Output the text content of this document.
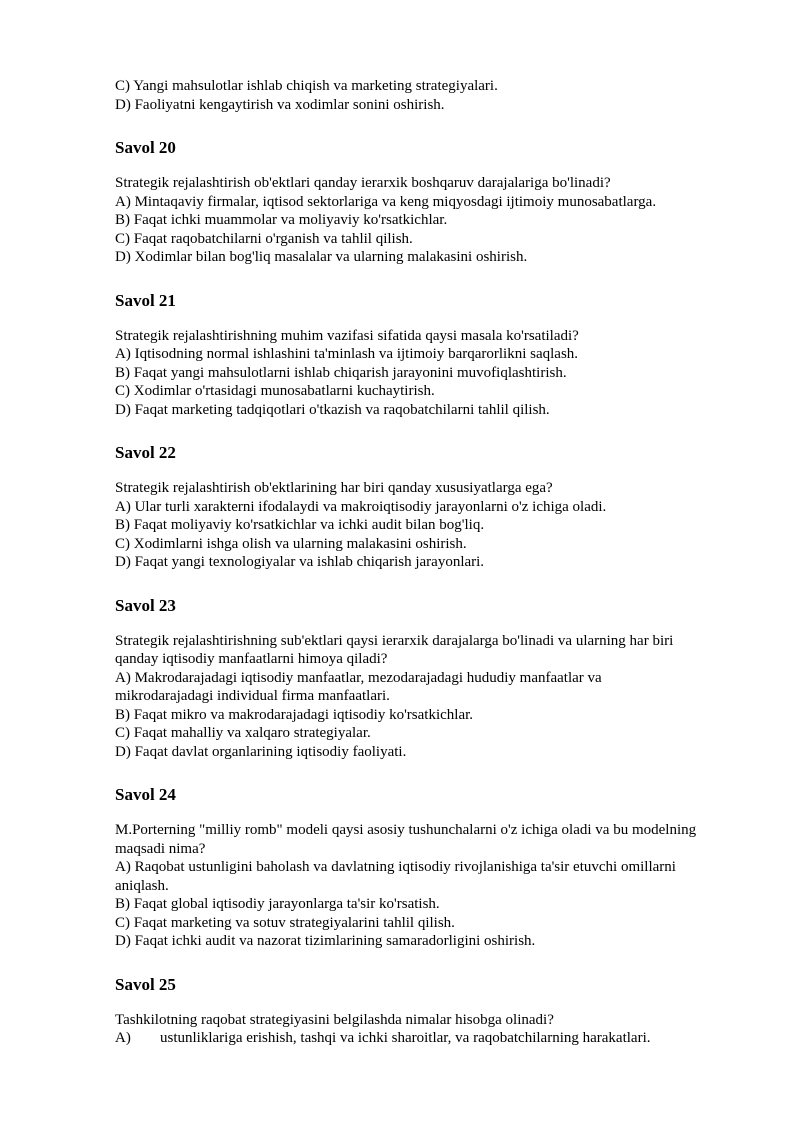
C) Yangi mahsulotlar ishlab chiqish va marketing strategiyalari.

D) Faoliyatni kengaytirish va xodimlar sonini oshirish.

Savol 20

Strategik rejalashtirish ob'ektlari qanday ierarxik boshqaruv darajalariga bo'linadi?

A) Mintaqaviy firmalar, iqtisod sektorlariga va keng miqyosdagi ijtimoiy munosabatlarga.

B) Faqat ichki muammolar va moliyaviy ko'rsatkichlar.

C) Faqat raqobatchilarni o'rganish va tahlil qilish.

D) Xodimlar bilan bog'liq masalalar va ularning malakasini oshirish.

Savol 21

Strategik rejalashtirishning muhim vazifasi sifatida qaysi masala ko'rsatiladi?

A) Iqtisodning normal ishlashini ta'minlash va ijtimoiy barqarorlikni saqlash.

B) Faqat yangi mahsulotlarni ishlab chiqarish jarayonini muvofiqlashtirish.

C) Xodimlar o'rtasidagi munosabatlarni kuchaytirish.

D) Faqat marketing tadqiqotlari o'tkazish va raqobatchilarni tahlil qilish.

Savol 22

Strategik rejalashtirish ob'ektlarining har biri qanday xususiyatlarga ega?

A) Ular turli xarakterni ifodalaydi va makroiqtisodiy jarayonlarni o'z ichiga oladi.

B) Faqat moliyaviy ko'rsatkichlar va ichki audit bilan bog'liq.

C) Xodimlarni ishga olish va ularning malakasini oshirish.

D) Faqat yangi texnologiyalar va ishlab chiqarish jarayonlari.

Savol 23

Strategik rejalashtirishning sub'ektlari qaysi ierarxik darajalarga bo'linadi va ularning har biri

qanday iqtisodiy manfaatlarni himoya qiladi?

A) Makrodarajadagi iqtisodiy manfaatlar, mezodarajadagi hududiy manfaatlar va

mikrodarajadagi individual firma manfaatlari.

B) Faqat mikro va makrodarajadagi iqtisodiy ko'rsatkichlar.

C) Faqat mahalliy va xalqaro strategiyalar.

D) Faqat davlat organlarining iqtisodiy faoliyati.

Savol 24

M.Porterning "milliy romb" modeli qaysi asosiy tushunchalarni o'z ichiga oladi va bu modelning

maqsadi nima?

A) Raqobat ustunligini baholash va davlatning iqtisodiy rivojlanishiga ta'sir etuvchi omillarni

aniqlash.

B) Faqat global iqtisodiy jarayonlarga ta'sir ko'rsatish.

C) Faqat marketing va sotuv strategiyalarini tahlil qilish.

D) Faqat ichki audit va nazorat tizimlarining samaradorligini oshirish.

Savol 25

Tashkilotning raqobat strategiyasini belgilashda nimalar hisobga olinadi?

A)	ustunliklariga erishish, tashqi va ichki sharoitlar, va raqobatchilarning harakatlari.
